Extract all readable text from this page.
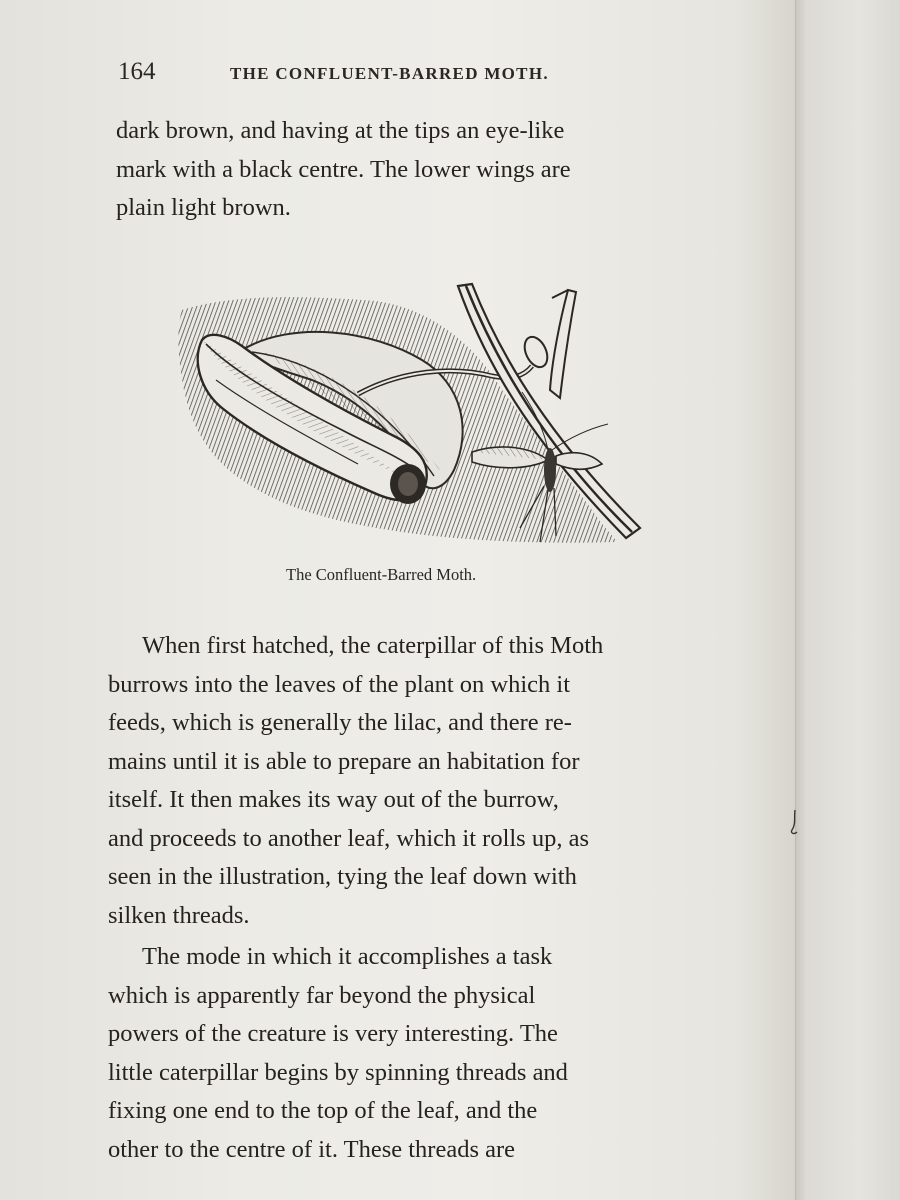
164	THE CONFLUENT-BARRED MOTH.
dark brown, and having at the tips an eye-like
mark with a black centre. The lower wings are
plain light brown.
The Confluent-Barred Moth.
When first hatched, the caterpillar of this Moth
burrows into the leaves of the plant on which it
feeds, which is generally the lilac, and there re-
mains until it is able to prepare an habitation for
itself. It then makes its way out of the burrow,
and proceeds to another leaf, which it rolls up, as
seen in the illustration, tying the leaf down with
silken threads.
The mode in which it accomplishes a task
which is apparently far beyond the physical
powers of the creature is very interesting. The
little caterpillar begins by spinning threads and
fixing one end to the top of the leaf, and the
other to the centre of it. These threads are
